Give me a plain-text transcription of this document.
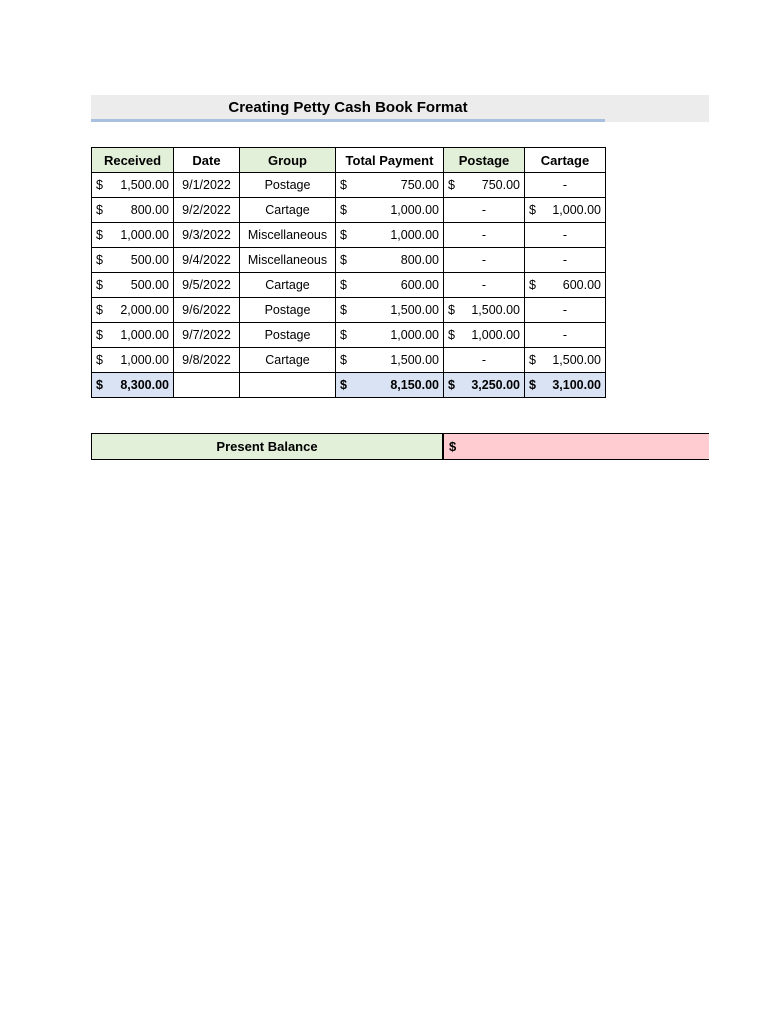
Creating Petty Cash Book Format
Received	Date	Group	Total Payment	Postage	Cartage

$ 1,500.00	9/1/2022	Postage	$ 750.00	$ 750.00	-

$ 800.00	9/2/2022	Cartage	$ 1,000.00	-	$ 1,000.00

$ 1,000.00	9/3/2022	Miscellaneous	$ 1,000.00	-	-

$ 500.00	9/4/2022	Miscellaneous	$ 800.00	-	-

$ 500.00	9/5/2022	Cartage	$ 600.00	-	$ 600.00

$ 2,000.00	9/6/2022	Postage	$ 1,500.00	$ 1,500.00	-

$ 1,000.00	9/7/2022	Postage	$ 1,000.00	$ 1,000.00	-

$ 1,000.00	9/8/2022	Cartage	$ 1,500.00	-	$ 1,500.00

$ 8,300.00			$ 8,150.00	$ 3,250.00	$ 3,100.00
Present Balance	$
